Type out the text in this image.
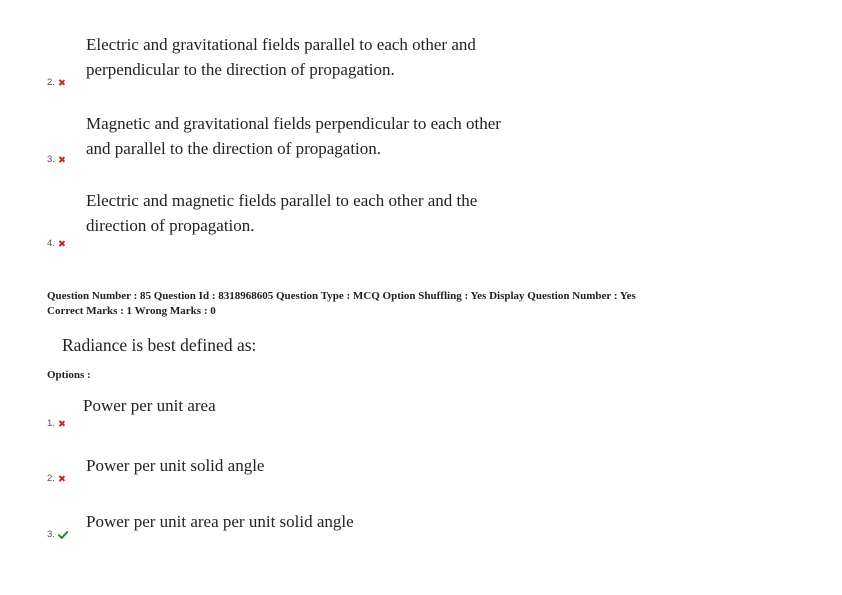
Electric and gravitational fields parallel to each other and
perpendicular to the direction of propagation.
2.
Magnetic and gravitational fields perpendicular to each other
and parallel to the direction of propagation.
3.
Electric and magnetic fields parallel to each other and the
direction of propagation.
4.
Question Number : 85 Question Id : 8318968605 Question Type : MCQ Option Shuffling : Yes Display Question Number : Yes
Correct Marks : 1 Wrong Marks : 0
Radiance is best defined as:
Options :
Power per unit area
1.
Power per unit solid angle
2.
Power per unit area per unit solid angle
3.
